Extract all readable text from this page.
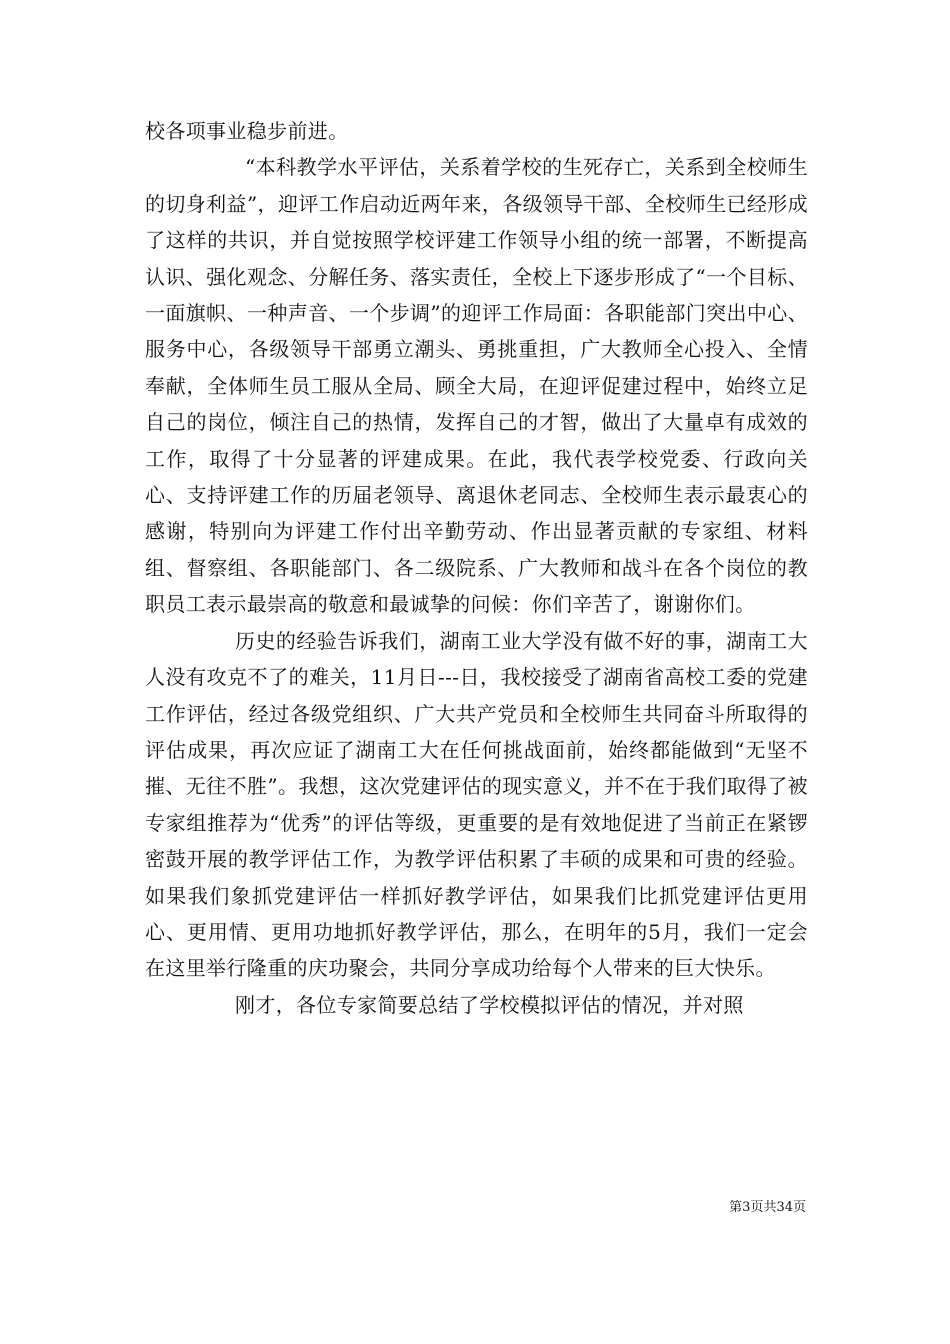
校各项事业稳步前进。

“本科教学水平评估，关系着学校的生死存亡，关系到全校师生的切身利益”，迎评工作启动近两年来，各级领导干部、全校师生已经形成了这样的共识，并自觉按照学校评建工作领导小组的统一部署，不断提高认识、强化观念、分解任务、落实责任，全校上下逐步形成了“一个目标、一面旗帜、一种声音、一个步调”的迎评工作局面：各职能部门突出中心、服务中心，各级领导干部勇立潮头、勇挑重担，广大教师全心投入、全情奉献，全体师生员工服从全局、顾全大局，在迎评促建过程中，始终立足自己的岗位，倾注自己的热情，发挥自己的才智，做出了大量卓有成效的工作，取得了十分显著的评建成果。在此，我代表学校党委、行政向关心、支持评建工作的历届老领导、离退休老同志、全校师生表示最衷心的感谢，特别向为评建工作付出辛勤劳动、作出显著贡献的专家组、材料组、督察组、各职能部门、各二级院系、广大教师和战斗在各个岗位的教职员工表示最崇高的敬意和最诚挚的问候：你们辛苦了，谢谢你们。

历史的经验告诉我们，湖南工业大学没有做不好的事，湖南工大人没有攻克不了的难关，11月日---日，我校接受了湖南省高校工委的党建工作评估，经过各级党组织、广大共产党员和全校师生共同奋斗所取得的评估成果，再次应证了湖南工大在任何挑战面前，始终都能做到“无坚不摧、无往不胜”。我想，这次党建评估的现实意义，并不在于我们取得了被专家组推荐为“优秀”的评估等级，更重要的是有效地促进了当前正在紧锣密鼓开展的教学评估工作，为教学评估积累了丰硕的成果和可贵的经验。如果我们象抓党建评估一样抓好教学评估，如果我们比抓党建评估更用心、更用情、更用功地抓好教学评估，那么，在明年的5月，我们一定会在这里举行隆重的庆功聚会，共同分享成功给每个人带来的巨大快乐。

刚才，各位专家简要总结了学校模拟评估的情况，并对照

第3页共34页
